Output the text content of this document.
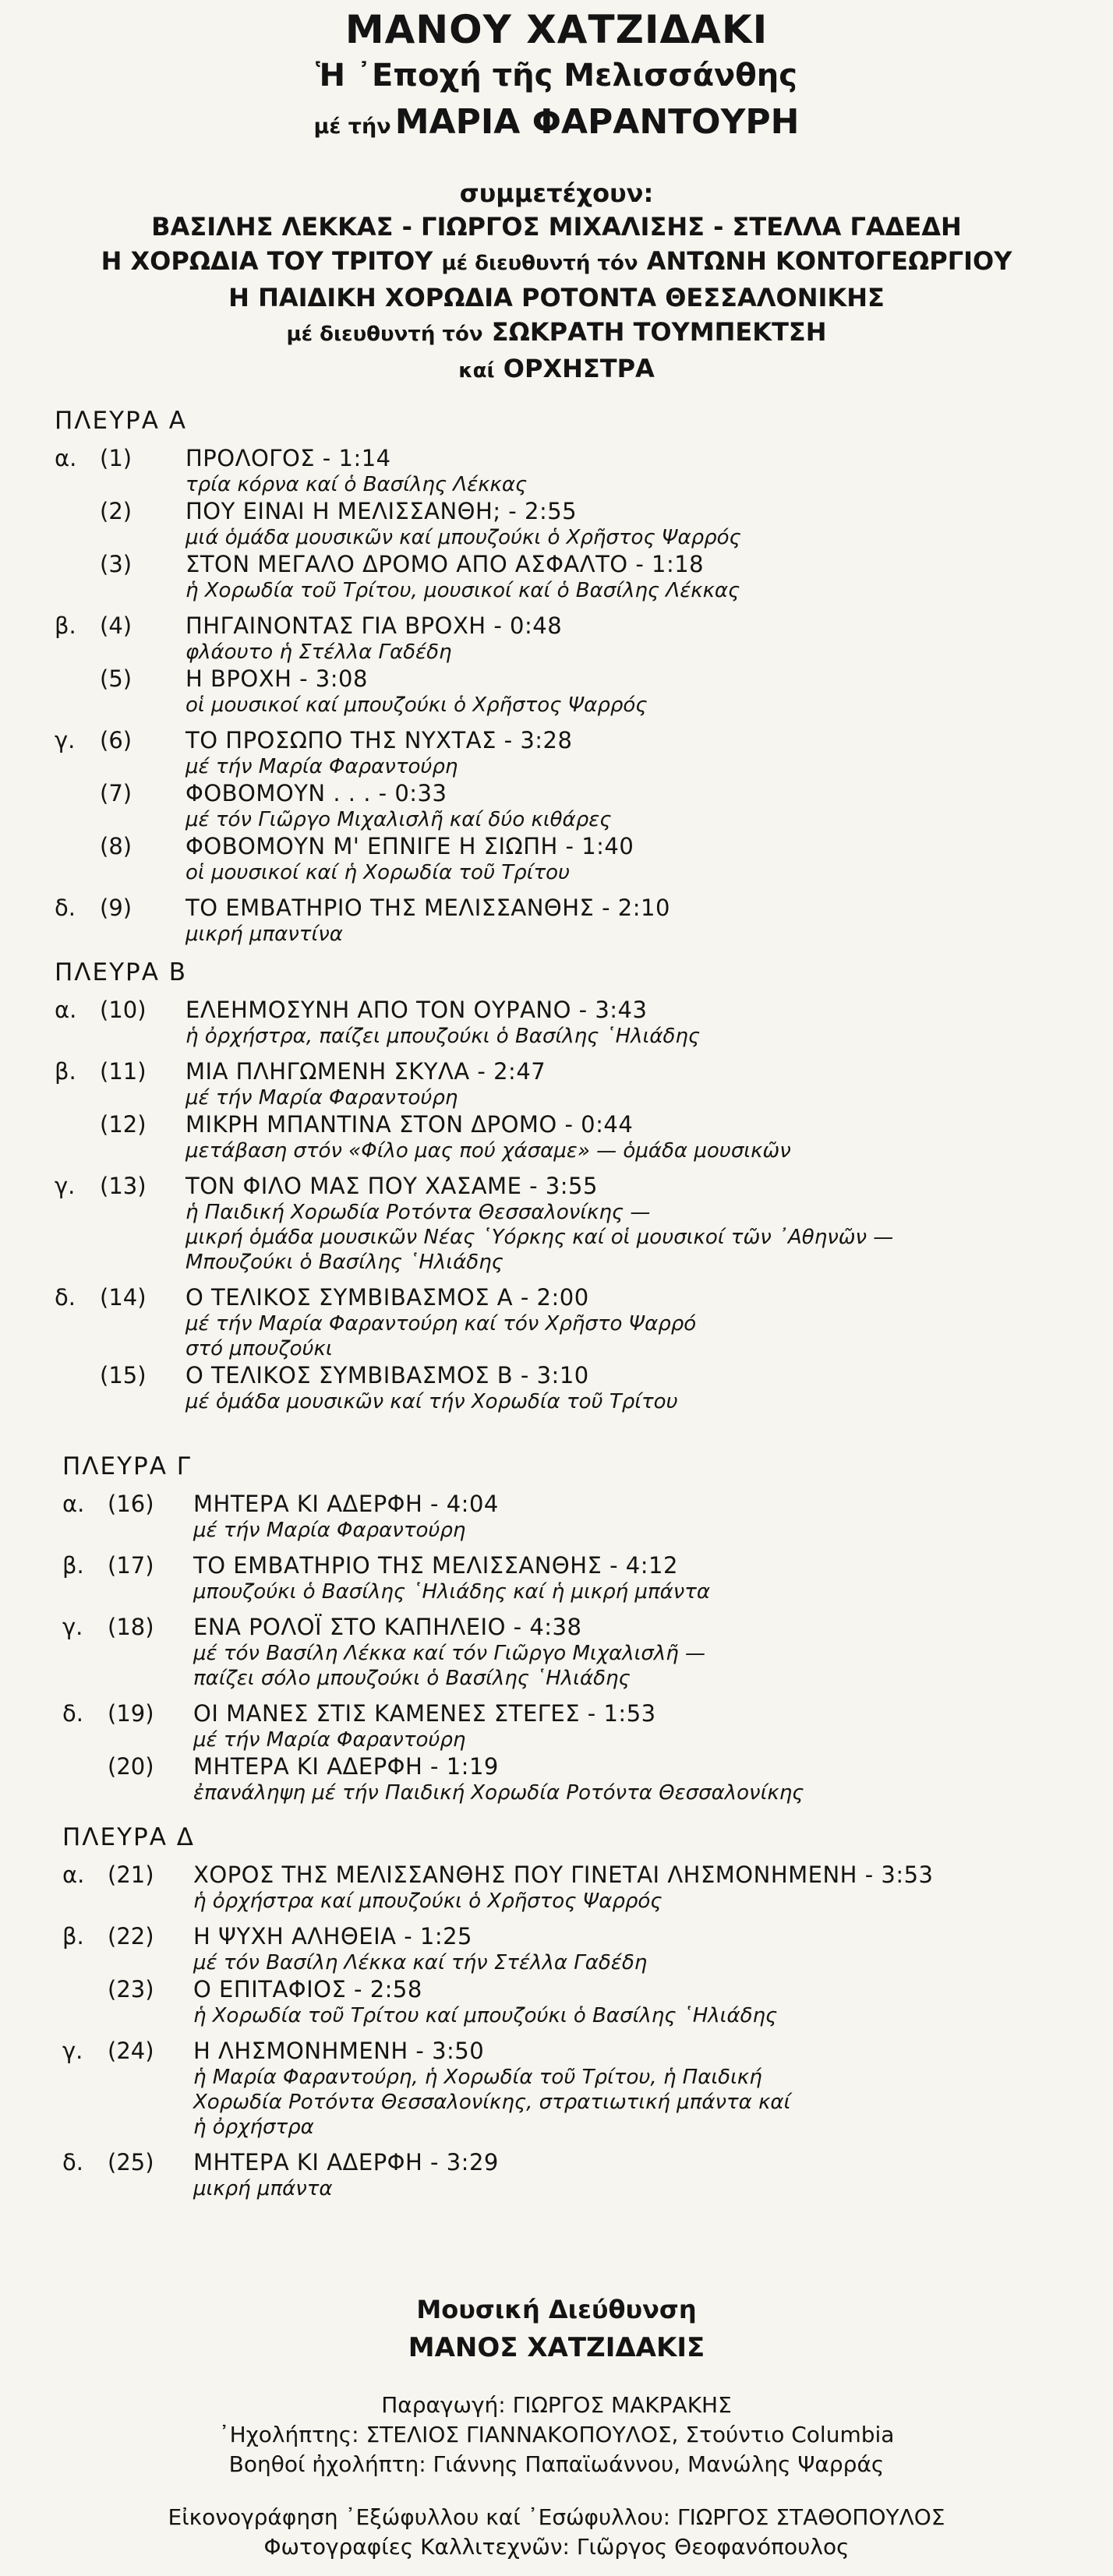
ΜΑΝΟΥ ΧΑΤΖΙΔΑΚΙ
Ἡ ᾿Εποχή τῆς Μελισσάνθης
μέ τήν ΜΑΡΙΑ ΦΑΡΑΝΤΟΥΡΗ
συμμετέχουν:
ΒΑΣΙΛΗΣ ΛΕΚΚΑΣ - ΓΙΩΡΓΟΣ ΜΙΧΑΛΙΣΗΣ - ΣΤΕΛΛΑ ΓΑΔΕΔΗ
Η ΧΟΡΩΔΙΑ ΤΟΥ ΤΡΙΤΟΥ μέ διευθυντή τόν ΑΝΤΩΝΗ ΚΟΝΤΟΓΕΩΡΓΙΟΥ
Η ΠΑΙΔΙΚΗ ΧΟΡΩΔΙΑ ΡΟΤΟΝΤΑ ΘΕΣΣΑΛΟΝΙΚΗΣ
μέ διευθυντή τόν ΣΩΚΡΑΤΗ ΤΟΥΜΠΕΚΤΣΗ
καί ΟΡΧΗΣΤΡΑ
ΠΛΕΥΡΑ Α
α.	(1)	ΠΡΟΛΟΓΟΣ - 1:14
τρία κόρνα καί ὁ Βασίλης Λέκκας
(2)	ΠΟΥ ΕΙΝΑΙ Η ΜΕΛΙΣΣΑΝΘΗ; - 2:55
μιά ὁμάδα μουσικῶν καί μπουζούκι ὁ Χρῆστος Ψαρρός
(3)	ΣΤΟΝ ΜΕΓΑΛΟ ΔΡΟΜΟ ΑΠΟ ΑΣΦΑΛΤΟ - 1:18
ἡ Χορωδία τοῦ Τρίτου, μουσικοί καί ὁ Βασίλης Λέκκας
β.	(4)	ΠΗΓΑΙΝΟΝΤΑΣ ΓΙΑ ΒΡΟΧΗ - 0:48
φλάουτο ἡ Στέλλα Γαδέδη
(5)	Η ΒΡΟΧΗ - 3:08
οἱ μουσικοί καί μπουζούκι ὁ Χρῆστος Ψαρρός
γ.	(6)	ΤΟ ΠΡΟΣΩΠΟ ΤΗΣ ΝΥΧΤΑΣ - 3:28
μέ τήν Μαρία Φαραντούρη
(7)	ΦΟΒΟΜΟΥΝ . . . - 0:33
μέ τόν Γιῶργο Μιχαλισλῆ καί δύο κιθάρες
(8)	ΦΟΒΟΜΟΥΝ Μ' ΕΠΝΙΓΕ Η ΣΙΩΠΗ - 1:40
οἱ μουσικοί καί ἡ Χορωδία τοῦ Τρίτου
δ.	(9)	ΤΟ ΕΜΒΑΤΗΡΙΟ ΤΗΣ ΜΕΛΙΣΣΑΝΘΗΣ - 2:10
μικρή μπαντίνα
ΠΛΕΥΡΑ Β
α.	(10)	ΕΛΕΗΜΟΣΥΝΗ ΑΠΟ ΤΟΝ ΟΥΡΑΝΟ - 3:43
ἡ ὀρχήστρα, παίζει μπουζούκι ὁ Βασίλης ῾Ηλιάδης
β.	(11)	ΜΙΑ ΠΛΗΓΩΜΕΝΗ ΣΚΥΛΑ - 2:47
μέ τήν Μαρία Φαραντούρη
(12)	ΜΙΚΡΗ ΜΠΑΝΤΙΝΑ ΣΤΟΝ ΔΡΟΜΟ - 0:44
μετάβαση στόν «Φίλο μας πού χάσαμε» — ὁμάδα μουσικῶν
γ.	(13)	ΤΟΝ ΦΙΛΟ ΜΑΣ ΠΟΥ ΧΑΣΑΜΕ - 3:55
ἡ Παιδική Χορωδία Ροτόντα Θεσσαλονίκης —
μικρή ὁμάδα μουσικῶν Νέας ῾Υόρκης καί οἱ μουσικοί τῶν ᾿Αθηνῶν —
Μπουζούκι ὁ Βασίλης ῾Ηλιάδης
δ.	(14)	Ο ΤΕΛΙΚΟΣ ΣΥΜΒΙΒΑΣΜΟΣ Α - 2:00
μέ τήν Μαρία Φαραντούρη καί τόν Χρῆστο Ψαρρό
στό μπουζούκι
(15)	Ο ΤΕΛΙΚΟΣ ΣΥΜΒΙΒΑΣΜΟΣ Β - 3:10
μέ ὁμάδα μουσικῶν καί τήν Χορωδία τοῦ Τρίτου
ΠΛΕΥΡΑ Γ
α.	(16)	ΜΗΤΕΡΑ ΚΙ ΑΔΕΡΦΗ - 4:04
μέ τήν Μαρία Φαραντούρη
β.	(17)	ΤΟ ΕΜΒΑΤΗΡΙΟ ΤΗΣ ΜΕΛΙΣΣΑΝΘΗΣ - 4:12
μπουζούκι ὁ Βασίλης ῾Ηλιάδης καί ἡ μικρή μπάντα
γ.	(18)	ΕΝΑ ΡΟΛΟΪ ΣΤΟ ΚΑΠΗΛΕΙΟ - 4:38
μέ τόν Βασίλη Λέκκα καί τόν Γιῶργο Μιχαλισλῆ —
παίζει σόλο μπουζούκι ὁ Βασίλης ῾Ηλιάδης
δ.	(19)	ΟΙ ΜΑΝΕΣ ΣΤΙΣ ΚΑΜΕΝΕΣ ΣΤΕΓΕΣ - 1:53
μέ τήν Μαρία Φαραντούρη
(20)	ΜΗΤΕΡΑ ΚΙ ΑΔΕΡΦΗ - 1:19
ἐπανάληψη μέ τήν Παιδική Χορωδία Ροτόντα Θεσσαλονίκης
ΠΛΕΥΡΑ Δ
α.	(21)	ΧΟΡΟΣ ΤΗΣ ΜΕΛΙΣΣΑΝΘΗΣ ΠΟΥ ΓΙΝΕΤΑΙ ΛΗΣΜΟΝΗΜΕΝΗ - 3:53
ἡ ὀρχήστρα καί μπουζούκι ὁ Χρῆστος Ψαρρός
β.	(22)	Η ΨΥΧΗ ΑΛΗΘΕΙΑ - 1:25
μέ τόν Βασίλη Λέκκα καί τήν Στέλλα Γαδέδη
(23)	Ο ΕΠΙΤΑΦΙΟΣ - 2:58
ἡ Χορωδία τοῦ Τρίτου καί μπουζούκι ὁ Βασίλης ῾Ηλιάδης
γ.	(24)	Η ΛΗΣΜΟΝΗΜΕΝΗ - 3:50
ἡ Μαρία Φαραντούρη, ἡ Χορωδία τοῦ Τρίτου, ἡ Παιδική
Χορωδία Ροτόντα Θεσσαλονίκης, στρατιωτική μπάντα καί
ἡ ὀρχήστρα
δ.	(25)	ΜΗΤΕΡΑ ΚΙ ΑΔΕΡΦΗ - 3:29
μικρή μπάντα
Μουσική Διεύθυνση
ΜΑΝΟΣ ΧΑΤΖΙΔΑΚΙΣ
Παραγωγή: ΓΙΩΡΓΟΣ ΜΑΚΡΑΚΗΣ
᾿Ηχολήπτης: ΣΤΕΛΙΟΣ ΓΙΑΝΝΑΚΟΠΟΥΛΟΣ, Στούντιο Columbia
Βοηθοί ἠχολήπτη: Γιάννης Παπαϊωάννου, Μανώλης Ψαρράς
Εἰκονογράφηση ᾿Εξώφυλλου καί ᾿Εσώφυλλου: ΓΙΩΡΓΟΣ ΣΤΑΘΟΠΟΥΛΟΣ
Φωτογραφίες Καλλιτεχνῶν: Γιῶργος Θεοφανόπουλος
